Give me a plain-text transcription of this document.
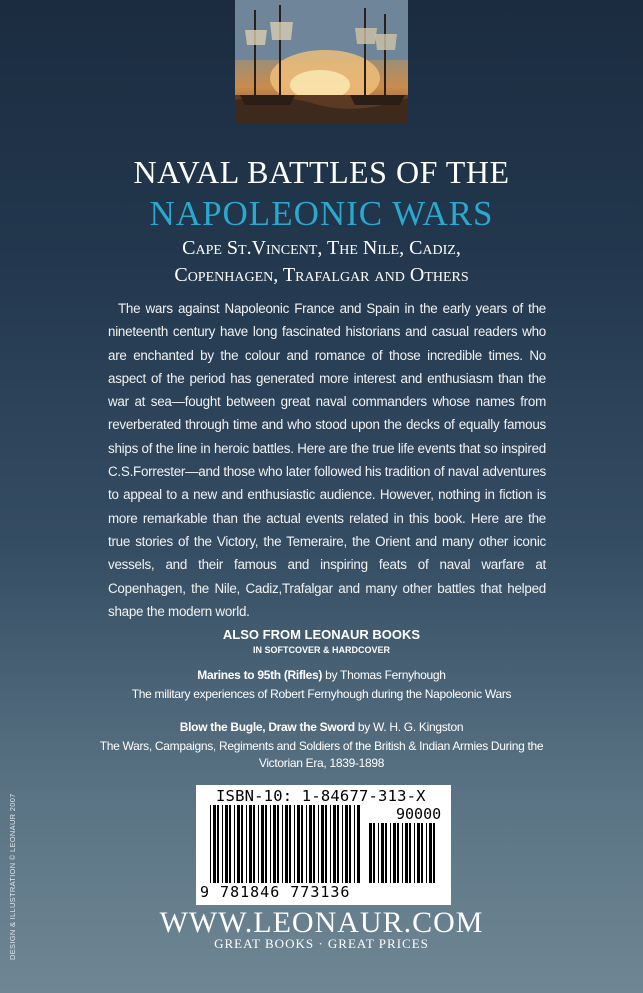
NAVAL BATTLES OF THE
NAPOLEONIC WARS
Cape St.Vincent, The Nile, Cadiz,
Copenhagen, Trafalgar and Others
The wars against Napoleonic France and Spain in the early years of the nineteenth century have long fascinated historians and casual readers who are enchanted by the colour and romance of those incredible times. No aspect of the period has generated more interest and enthusiasm than the war at sea—fought between great naval commanders whose names from reverberated through time and who stood upon the decks of equally famous ships of the line in heroic battles. Here are the true life events that so inspired C.S.Forrester—and those who later followed his tradition of naval adventures to appeal to a new and enthusiastic audience. However, nothing in fiction is more remarkable than the actual events related in this book. Here are the true stories of the Victory, the Temeraire, the Orient and many other iconic vessels, and their famous and inspiring feats of naval warfare at Copenhagen, the Nile, Cadiz,Trafalgar and many other battles that helped shape the modern world.
ALSO FROM LEONAUR BOOKS
IN SOFTCOVER & HARDCOVER
Marines to 95th (Rifles) by Thomas Fernyhough
The military experiences of Robert Fernyhough during the Napoleonic Wars
Blow the Bugle, Draw the Sword by W. H. G. Kingston
The Wars, Campaigns, Regiments and Soldiers of the British & Indian Armies During the
Victorian Era, 1839-1898
DESIGN & ILLUSTRATION © LEONAUR 2007	ISBN-10: 1-84677-313-X
90000
9 781846 773136
WWW.LEONAUR.COM
GREAT BOOKS · GREAT PRICES
